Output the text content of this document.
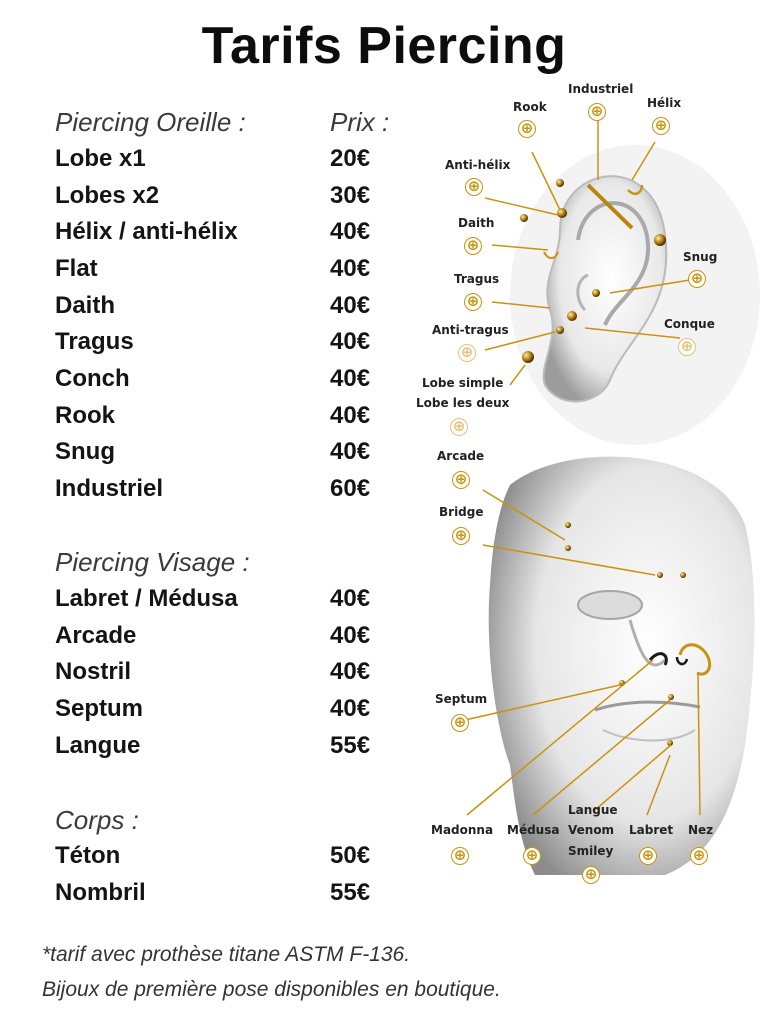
Tarifs Piercing
Piercing Oreille :	Prix :
Lobe x1	20€
Lobes x2	30€
Hélix / anti-hélix	40€
Flat	40€
Daith	40€
Tragus	40€
Conch	40€
Rook	40€
Snug	40€
Industriel	60€
Piercing Visage :
Labret / Médusa	40€
Arcade	40€
Nostril	40€
Septum	40€
Langue	55€
Corps :
Téton	50€
Nombril	55€
*tarif avec prothèse titane ASTM F-136.
Bijoux de première pose disponibles en boutique.
Industriel
⊕
Rook
⊕
Hélix
⊕
Anti-hélix
⊕
Daith
⊕
Snug
⊕
Tragus
⊕
Conque
⊕
Anti-tragus
⊕
Lobe simple
Lobe les deux
⊕
Arcade
⊕
Bridge
⊕
Septum
⊕
Langue
Madonna Médusa Venom Labret Nez
Smiley
⊕	⊕	⊕	⊕
⊕
